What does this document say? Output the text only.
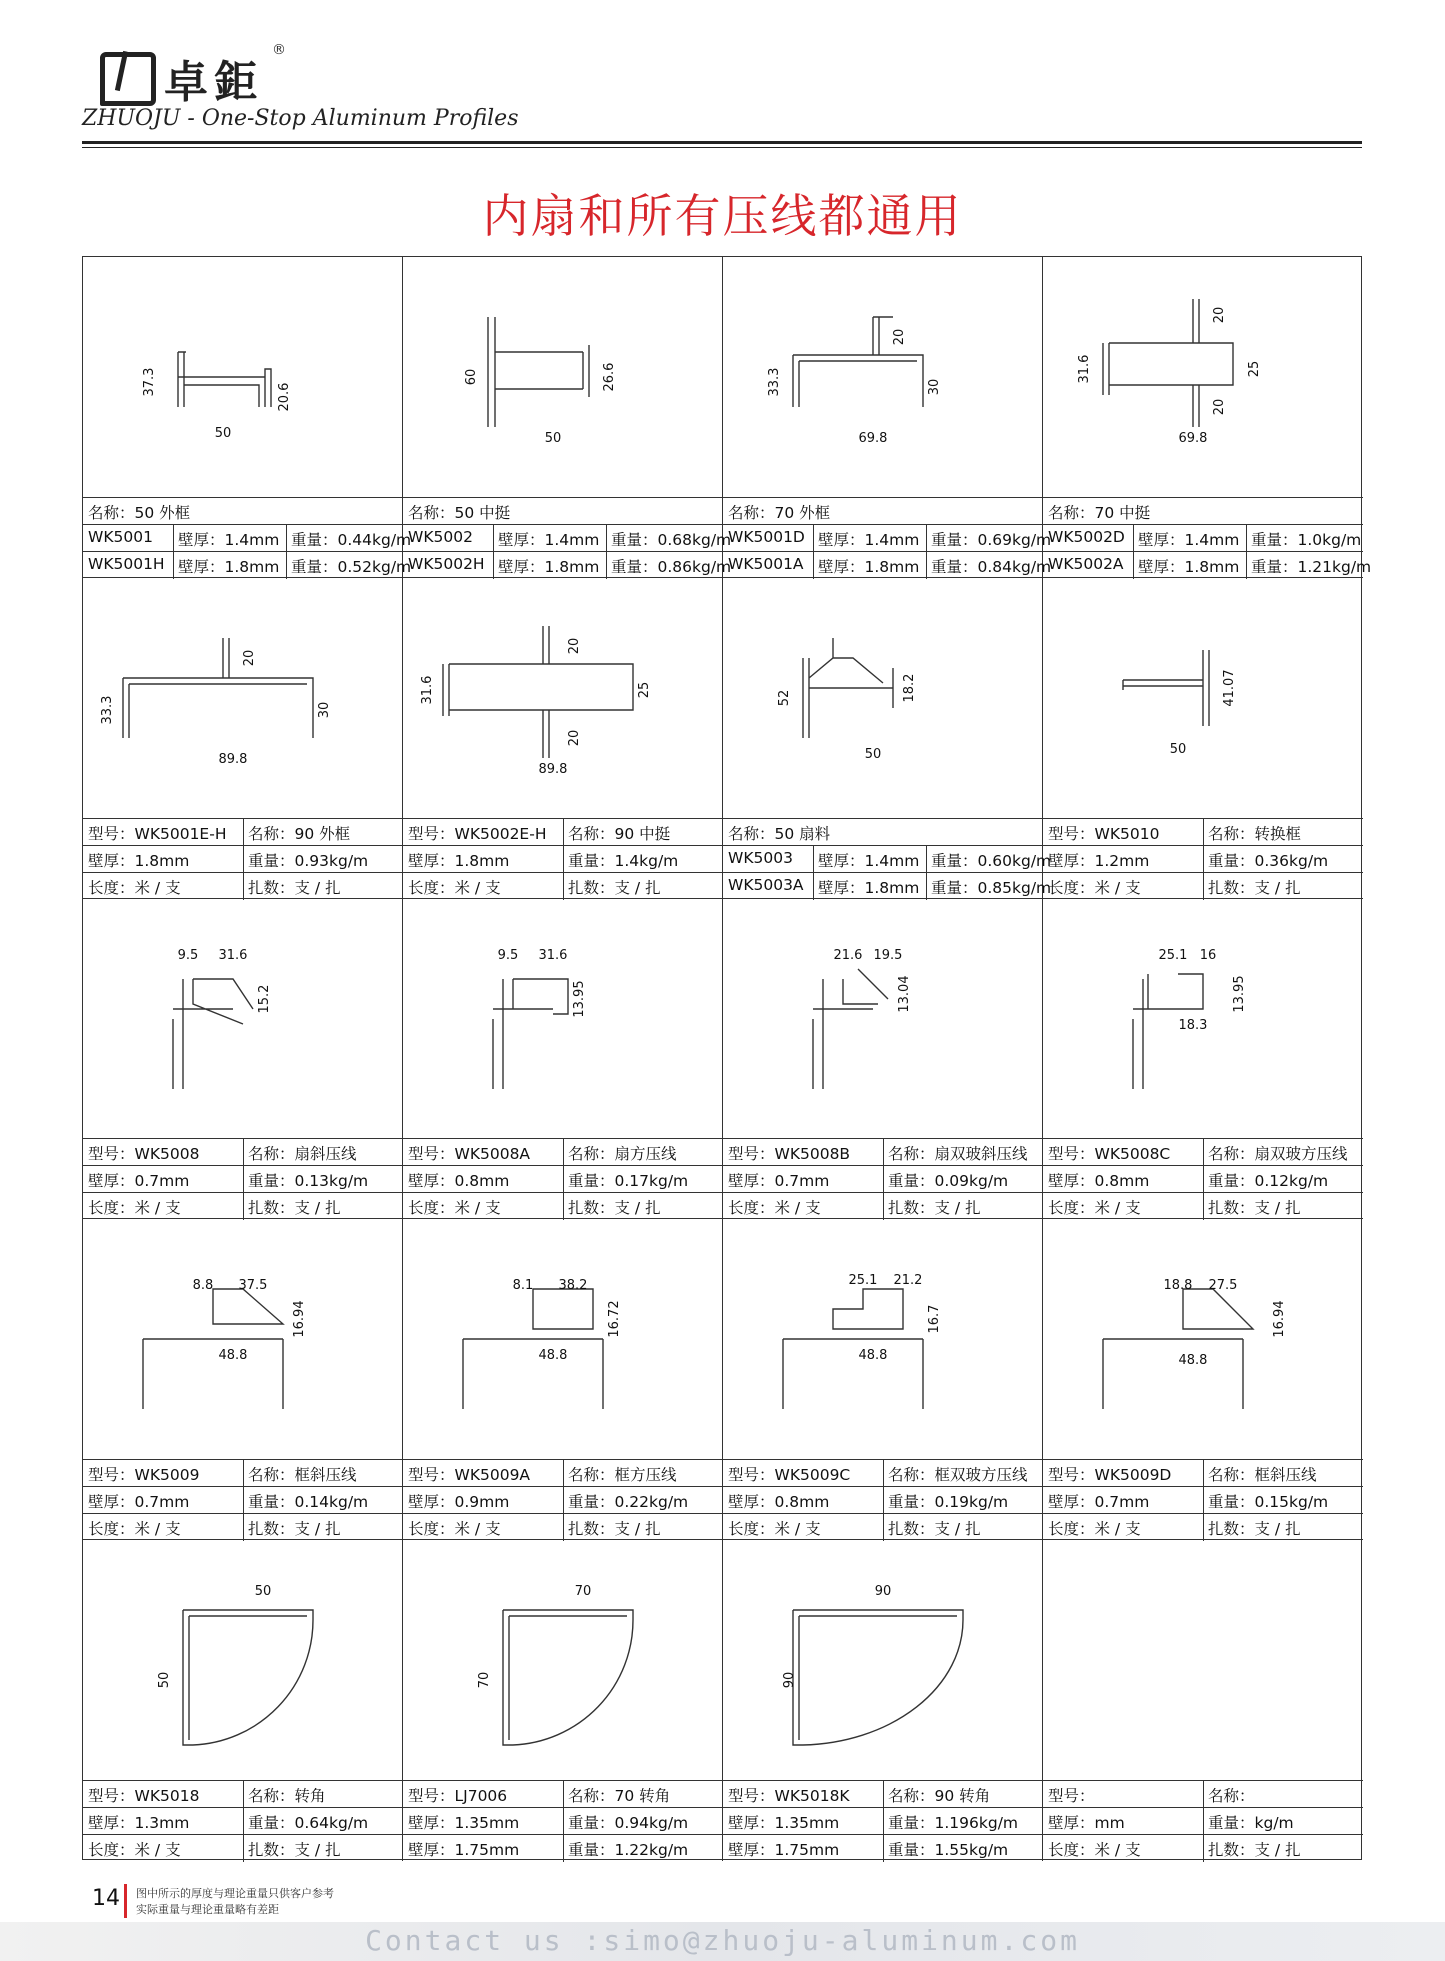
卓鉅
®
ZHUOJU - One-Stop Aluminum Profiles
内扇和所有压线都通用
37.3
20.6
50
名称：50 外框
WK5001 壁厚：1.4mm 重量：0.44kg/m
WK5001H 壁厚：1.8mm 重量：0.52kg/m
60	26.6
50
名称：50 中挺
WK5002 壁厚：1.4mm 重量：0.68kg/m
WK5002H 壁厚：1.8mm 重量：0.86kg/m
33.3
20
30
69.8
名称：70 外框
WK5001D 壁厚：1.4mm 重量：0.69kg/m
WK5001A 壁厚：1.8mm 重量：0.84kg/m
31.6
20
25
20
69.8
名称：70 中挺
WK5002D 壁厚：1.4mm 重量：1.0kg/m
WK5002A 壁厚：1.8mm 重量：1.21kg/m
33.3
20
30
89.8
型号：WK5001E-H 名称：90 外框
壁厚：1.8mm	重量：0.93kg/m
长度：米 / 支	扎数：支 / 扎
31.6
20
25
20
89.8
型号：WK5002E-H 名称：90 中挺
壁厚：1.8mm	重量：1.4kg/m
长度：米 / 支	扎数：支 / 扎
52	18.2
50
名称：50 扇料
WK5003 壁厚：1.4mm 重量：0.60kg/m
WK5003A 壁厚：1.8mm 重量：0.85kg/m
41.07
50
型号：WK5010	名称：转换框
壁厚：1.2mm	重量：0.36kg/m
长度：米 / 支	扎数：支 / 扎
9.5 31.6
15.2
型号：WK5008	名称：扇斜压线
壁厚：0.7mm	重量：0.13kg/m
长度：米 / 支	扎数：支 / 扎
9.5 31.6
13.95
型号：WK5008A 名称：扇方压线
壁厚：0.8mm	重量：0.17kg/m
长度：米 / 支	扎数：支 / 扎
21.6 19.5
13.04
型号：WK5008B 名称：扇双玻斜压线
壁厚：0.7mm	重量：0.09kg/m
长度：米 / 支	扎数：支 / 扎
25.1 16
13.95
18.3
型号：WK5008C 名称：扇双玻方压线
壁厚：0.8mm	重量：0.12kg/m
长度：米 / 支	扎数：支 / 扎
8.8 37.5
16.94
48.8
型号：WK5009	名称：框斜压线
壁厚：0.7mm	重量：0.14kg/m
长度：米 / 支	扎数：支 / 扎
8.1 38.2
16.72
48.8
型号：WK5009A 名称：框方压线
壁厚：0.9mm	重量：0.22kg/m
长度：米 / 支	扎数：支 / 扎
25.1 21.2
16.7
48.8
型号：WK5009C 名称：框双玻方压线
壁厚：0.8mm	重量：0.19kg/m
长度：米 / 支	扎数：支 / 扎
18.8 27.5
16.94
48.8
型号：WK5009D 名称：框斜压线
壁厚：0.7mm	重量：0.15kg/m
长度：米 / 支	扎数：支 / 扎
50
50
型号：WK5018	名称：转角
壁厚：1.3mm	重量：0.64kg/m
长度：米 / 支	扎数：支 / 扎
70
70
型号：LJ7006	名称：70 转角
壁厚：1.35mm	重量：0.94kg/m
壁厚：1.75mm	重量：1.22kg/m
90
90
型号：WK5018K 名称：90 转角
壁厚：1.35mm	重量：1.196kg/m
壁厚：1.75mm	重量：1.55kg/m
型号：	名称：
壁厚：mm	重量：kg/m
长度：米 / 支	扎数：支 / 扎
14 图中所示的厚度与理论重量只供客户参考
实际重量与理论重量略有差距
Contact us :simo@zhuoju-aluminum.com
